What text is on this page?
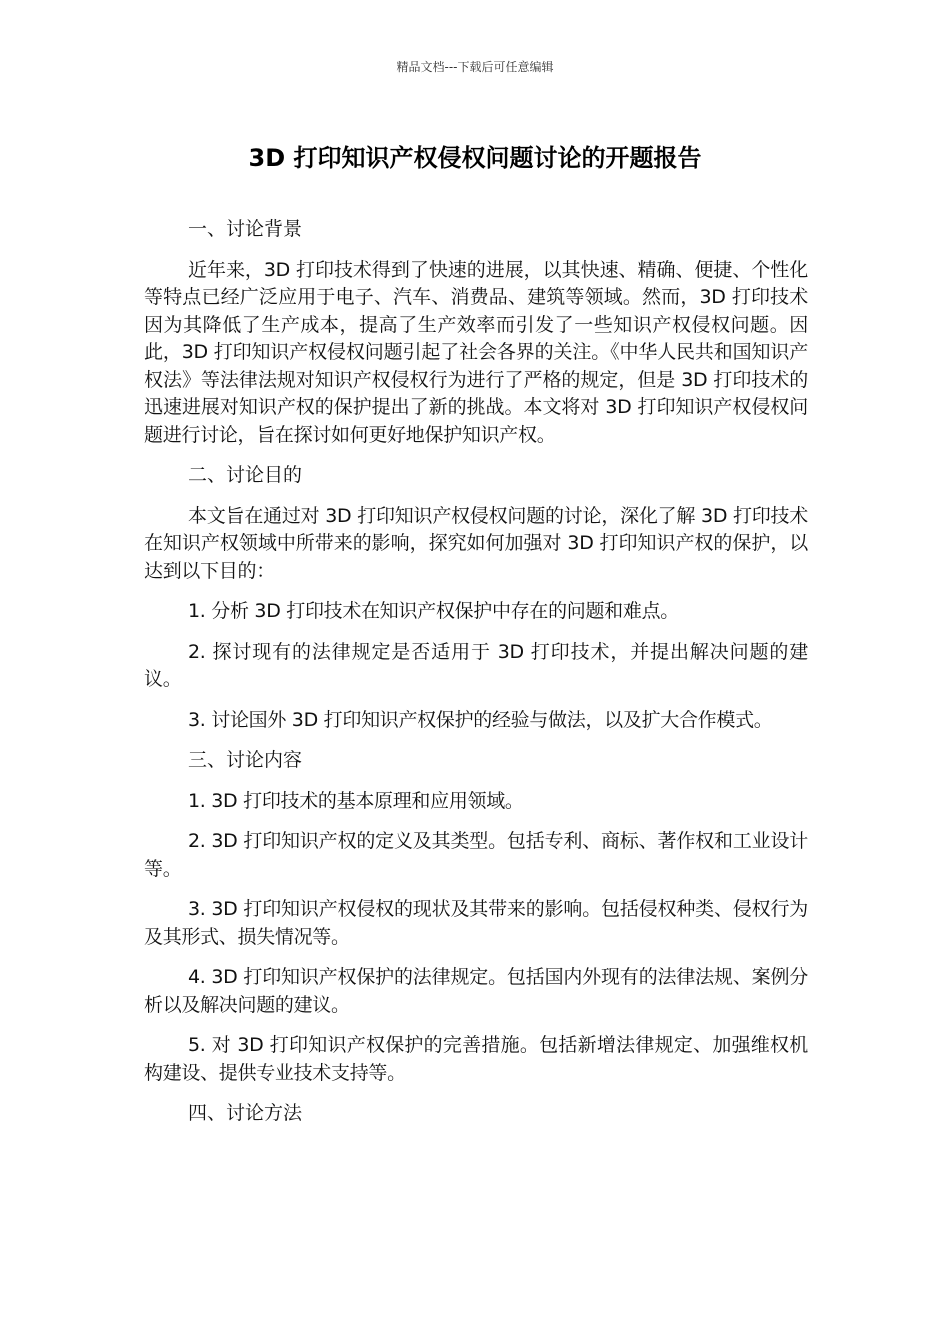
精品文档---下载后可任意编辑
3D 打印知识产权侵权问题讨论的开题报告

一、讨论背景

近年来，3D 打印技术得到了快速的进展，以其快速、精确、便捷、个性化等特点已经广泛应用于电子、汽车、消费品、建筑等领域。然而，3D 打印技术因为其降低了生产成本，提高了生产效率而引发了一些知识产权侵权问题。因此，3D 打印知识产权侵权问题引起了社会各界的关注。《中华人民共和国知识产权法》等法律法规对知识产权侵权行为进行了严格的规定，但是 3D 打印技术的迅速进展对知识产权的保护提出了新的挑战。本文将对 3D 打印知识产权侵权问题进行讨论，旨在探讨如何更好地保护知识产权。

二、讨论目的

本文旨在通过对 3D 打印知识产权侵权问题的讨论，深化了解 3D 打印技术在知识产权领域中所带来的影响，探究如何加强对 3D 打印知识产权的保护，以达到以下目的：

1. 分析 3D 打印技术在知识产权保护中存在的问题和难点。

2. 探讨现有的法律规定是否适用于 3D 打印技术，并提出解决问题的建议。

3. 讨论国外 3D 打印知识产权保护的经验与做法，以及扩大合作模式。

三、讨论内容

1. 3D 打印技术的基本原理和应用领域。

2. 3D 打印知识产权的定义及其类型。包括专利、商标、著作权和工业设计等。

3. 3D 打印知识产权侵权的现状及其带来的影响。包括侵权种类、侵权行为及其形式、损失情况等。

4. 3D 打印知识产权保护的法律规定。包括国内外现有的法律法规、案例分析以及解决问题的建议。

5. 对 3D 打印知识产权保护的完善措施。包括新增法律规定、加强维权机构建设、提供专业技术支持等。

四、讨论方法
